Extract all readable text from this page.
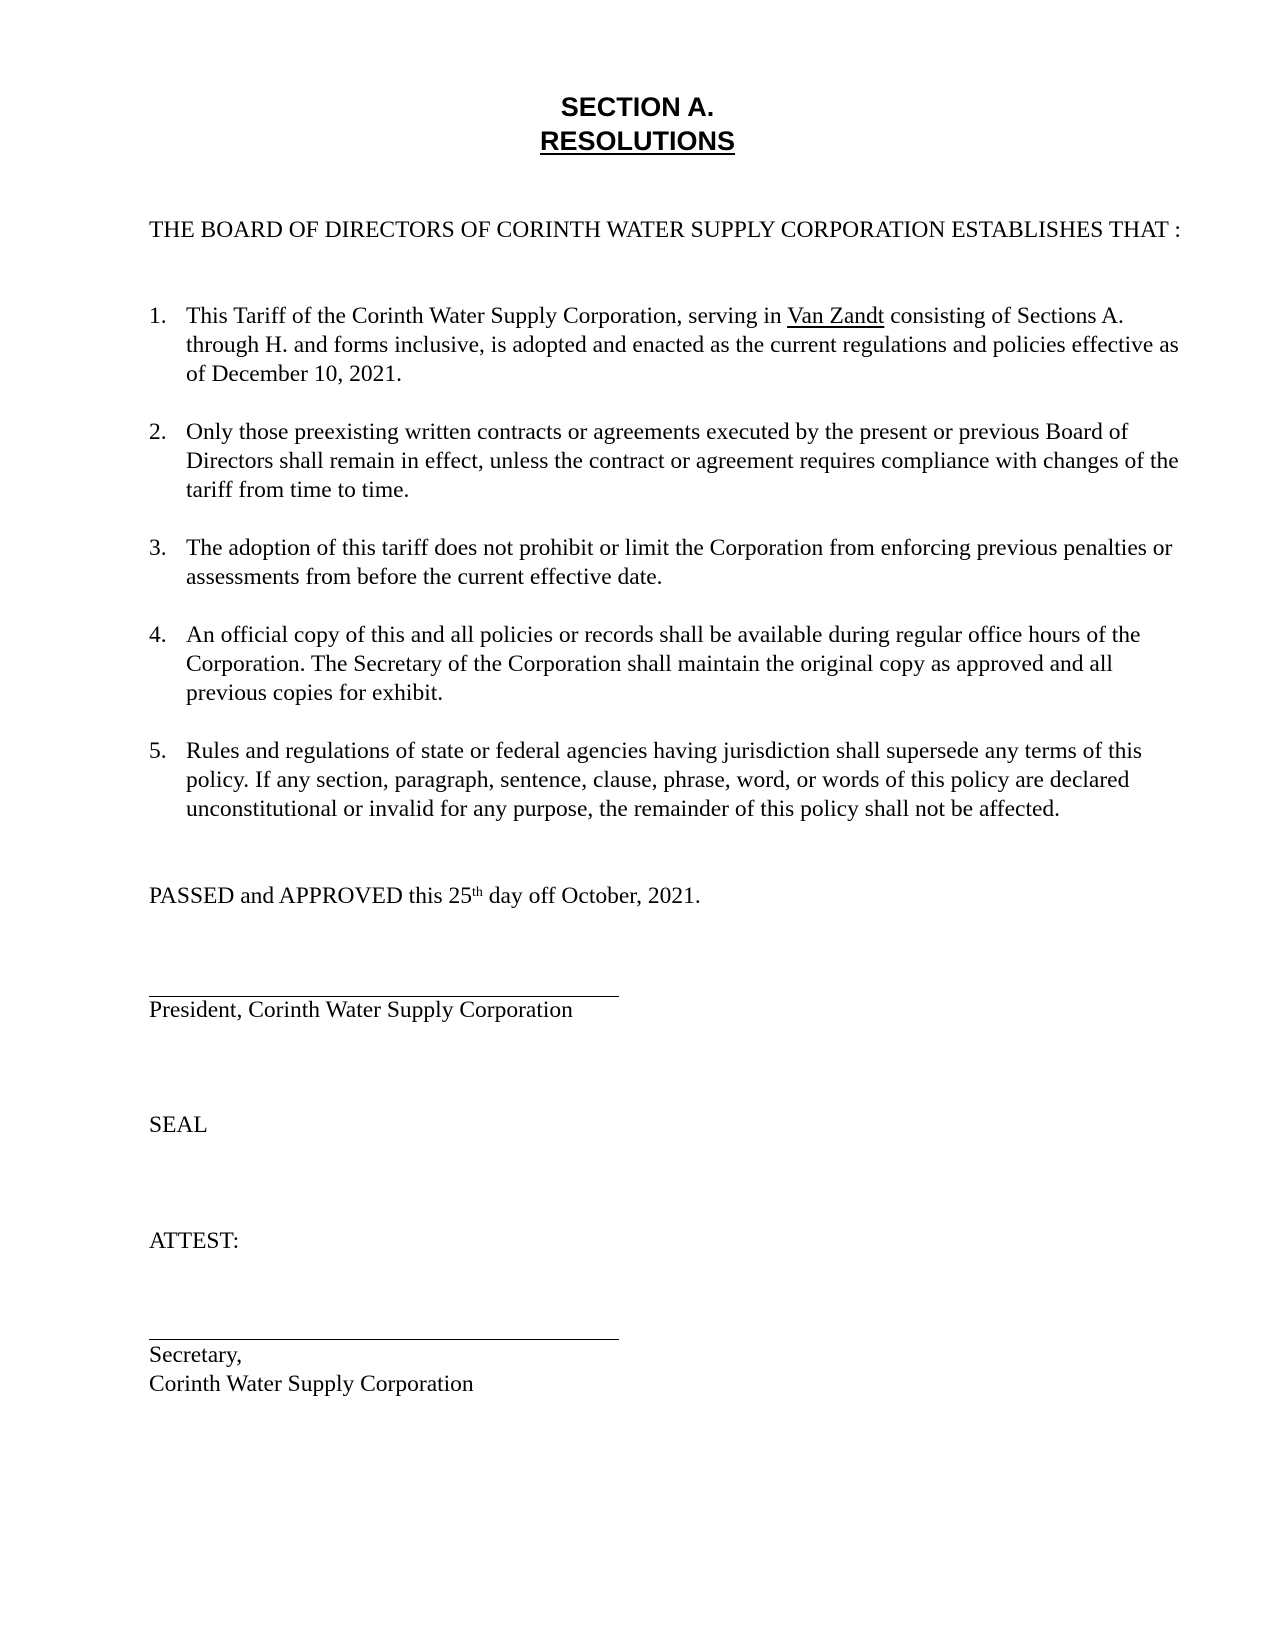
SECTION A.
RESOLUTIONS
THE BOARD OF DIRECTORS OF CORINTH WATER SUPPLY CORPORATION ESTABLISHES THAT :
1. This Tariff of the Corinth Water Supply Corporation, serving in Van Zandt consisting of Sections A. through H. and forms inclusive, is adopted and enacted as the current regulations and policies effective as of December 10, 2021.
2. Only those preexisting written contracts or agreements executed by the present or previous Board of Directors shall remain in effect, unless the contract or agreement requires compliance with changes of the tariff from time to time.
3. The adoption of this tariff does not prohibit or limit the Corporation from enforcing previous penalties or assessments from before the current effective date.
4. An official copy of this and all policies or records shall be available during regular office hours of the Corporation. The Secretary of the Corporation shall maintain the original copy as approved and all previous copies for exhibit.
5. Rules and regulations of state or federal agencies having jurisdiction shall supersede any terms of this policy. If any section, paragraph, sentence, clause, phrase, word, or words of this policy are declared unconstitutional or invalid for any purpose, the remainder of this policy shall not be affected.
PASSED and APPROVED this 25th day off October, 2021.
President, Corinth Water Supply Corporation
SEAL
ATTEST:
Secretary,
Corinth Water Supply Corporation
